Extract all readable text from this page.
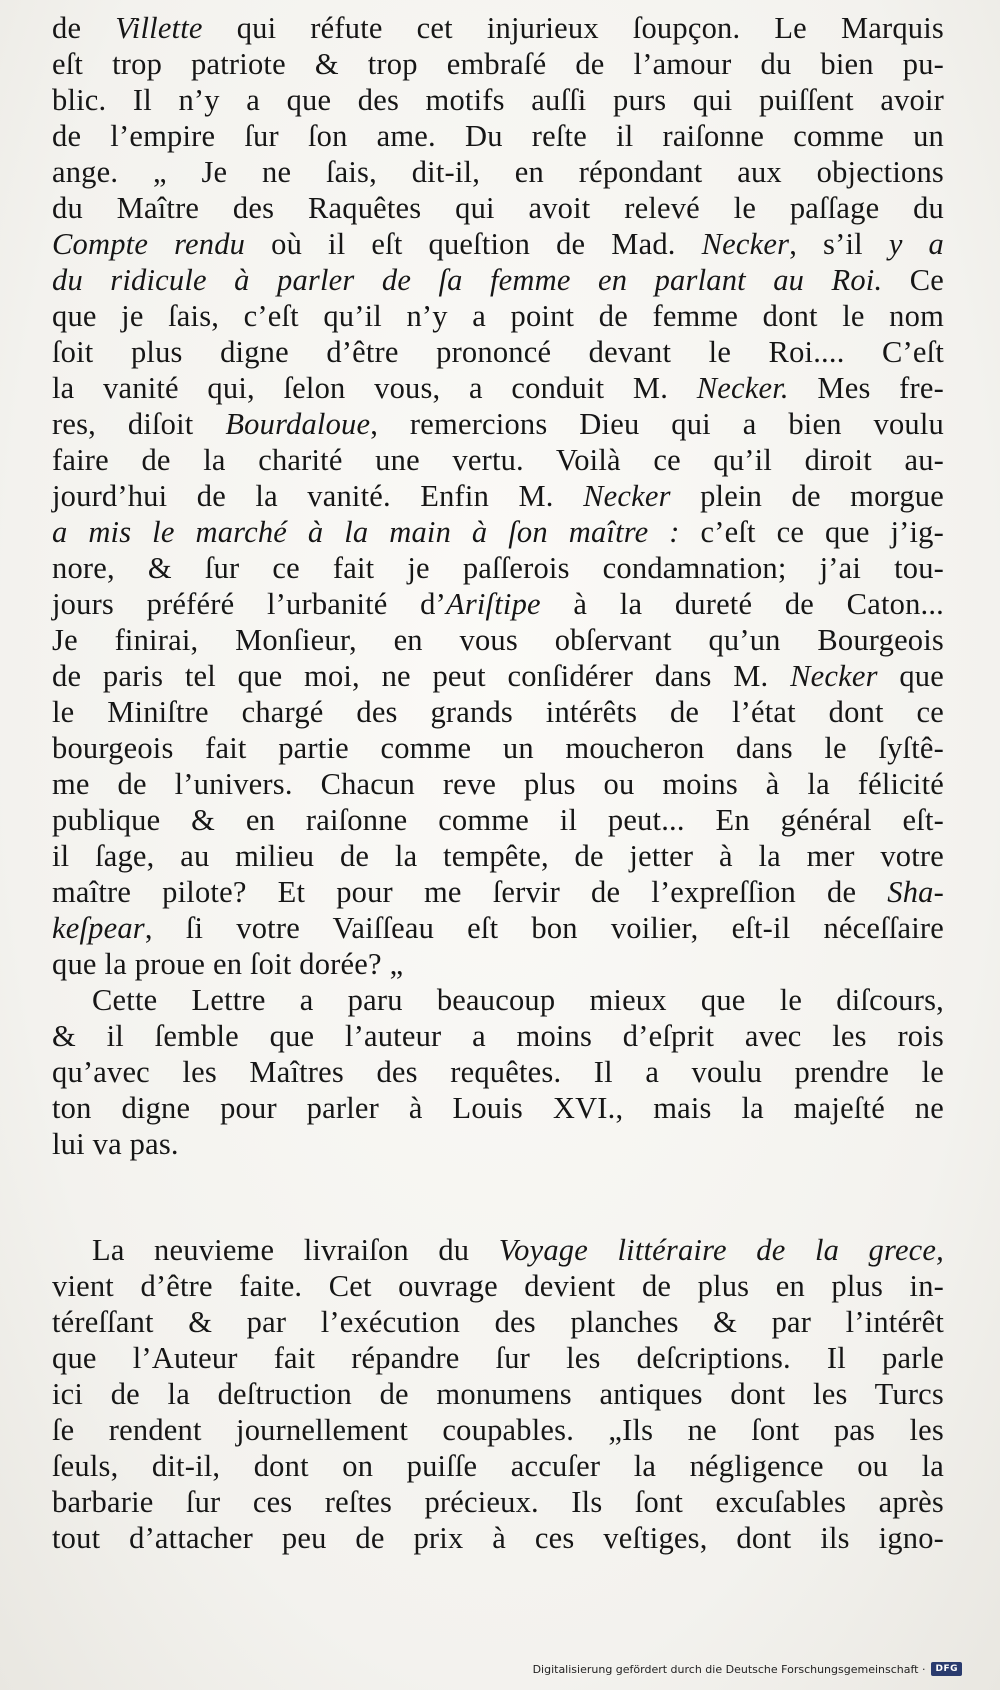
de Villette qui réfute cet injurieux ſoupçon. Le Marquis
eſt trop patriote & trop embraſé de l’amour du bien pu-
blic. Il n’y a que des motifs auſſi purs qui puiſſent avoir
de l’empire ſur ſon ame. Du reſte il raiſonne comme un
ange. „ Je ne ſais, dit-il, en répondant aux objections
du Maître des Raquêtes qui avoit relevé le paſſage du
Compte rendu où il eſt queſtion de Mad. Necker, s’il y a
du ridicule à parler de ſa femme en parlant au Roi. Ce
que je ſais, c’eſt qu’il n’y a point de femme dont le nom
ſoit plus digne d’être prononcé devant le Roi.... C’eſt
la vanité qui, ſelon vous, a conduit M. Necker. Mes fre-
res, diſoit Bourdaloue, remercions Dieu qui a bien voulu
faire de la charité une vertu. Voilà ce qu’il diroit au-
jourd’hui de la vanité. Enfin M. Necker plein de morgue
a mis le marché à la main à ſon maître : c’eſt ce que j’ig-
nore, & ſur ce fait je paſſerois condamnation; j’ai tou-
jours préféré l’urbanité d’Ariſtipe à la dureté de Caton...
Je finirai, Monſieur, en vous obſervant qu’un Bourgeois
de paris tel que moi, ne peut conſidérer dans M. Necker que
le Miniſtre chargé des grands intérêts de l’état dont ce
bourgeois fait partie comme un moucheron dans le ſyſtê-
me de l’univers. Chacun reve plus ou moins à la félicité
publique & en raiſonne comme il peut... En général eſt-
il ſage, au milieu de la tempête, de jetter à la mer votre
maître pilote? Et pour me ſervir de l’expreſſion de Sha-
keſpear, ſi votre Vaiſſeau eſt bon voilier, eſt-il néceſſaire
que la proue en ſoit dorée? „
Cette Lettre a paru beaucoup mieux que le diſcours,
& il ſemble que l’auteur a moins d’eſprit avec les rois
qu’avec les Maîtres des requêtes. Il a voulu prendre le
ton digne pour parler à Louis XVI., mais la majeſté ne
lui va pas.
La neuvieme livraiſon du Voyage littéraire de la grece,
vient d’être faite. Cet ouvrage devient de plus en plus in-
téreſſant & par l’exécution des planches & par l’intérêt
que l’Auteur fait répandre ſur les deſcriptions. Il parle
ici de la deſtruction de monumens antiques dont les Turcs
ſe rendent journellement coupables. „Ils ne ſont pas les
ſeuls, dit-il, dont on puiſſe accuſer la négligence ou la
barbarie ſur ces reſtes précieux. Ils ſont excuſables après
tout d’attacher peu de prix à ces veſtiges, dont ils igno-
Digitalisierung gefördert durch die Deutsche Forschungsgemeinschaft ·	DFG
